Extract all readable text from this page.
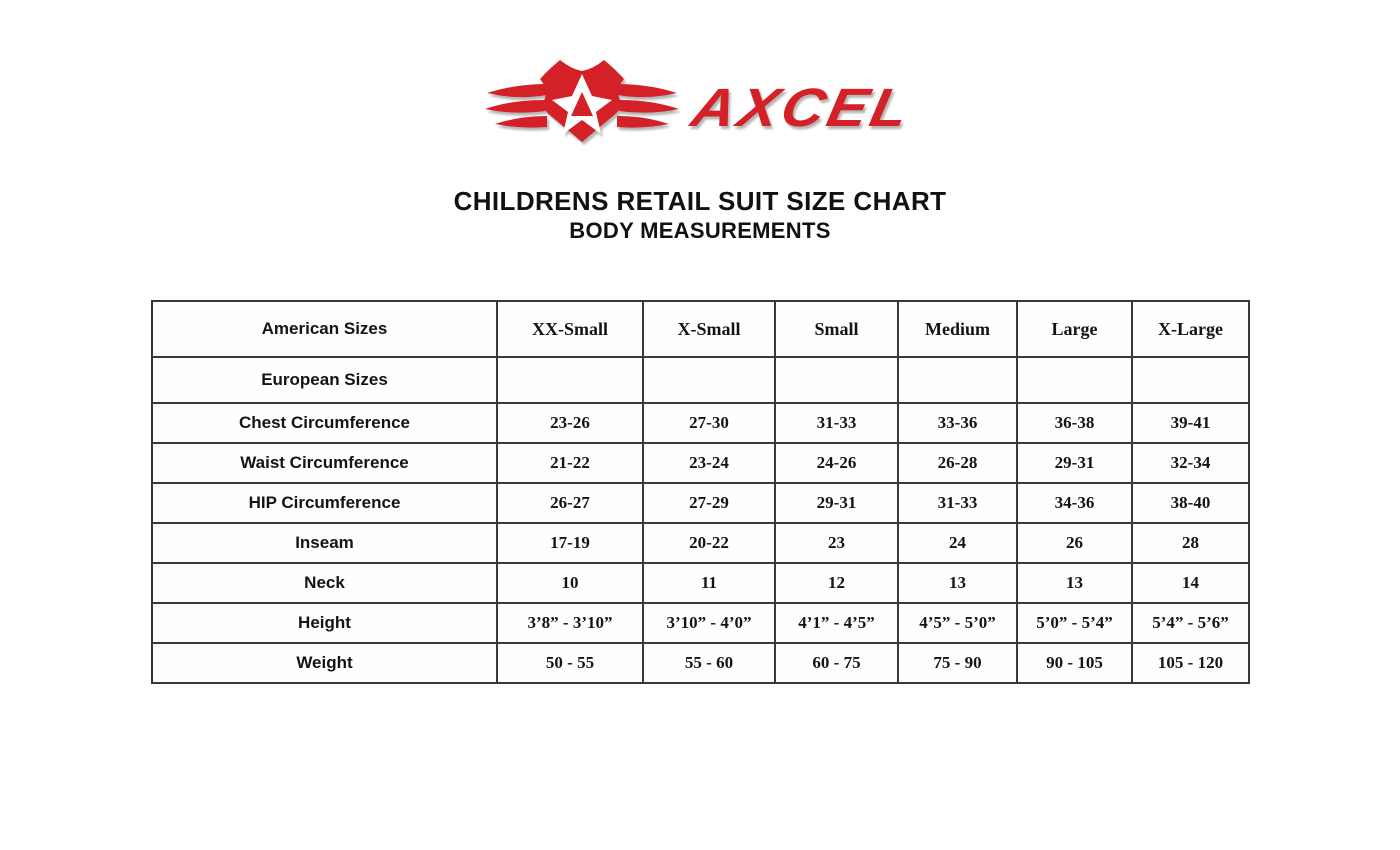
AXCEL
CHILDRENS RETAIL SUIT SIZE CHART
BODY MEASUREMENTS
American Sizes	XX-Small	X-Small	Small	Medium	Large	X-Large
European Sizes						
Chest Circumference	23-26	27-30	31-33	33-36	36-38	39-41
Waist Circumference	21-22	23-24	24-26	26-28	29-31	32-34
HIP Circumference	26-27	27-29	29-31	31-33	34-36	38-40
Inseam	17-19	20-22	23	24	26	28
Neck	10	11	12	13	13	14
Height	3’8” - 3’10”	3’10” - 4’0”	4’1” - 4’5”	4’5” - 5’0”	5’0” - 5’4”	5’4” - 5’6”
Weight	50 - 55	55 - 60	60 - 75	75 - 90	90 - 105	105 - 120
